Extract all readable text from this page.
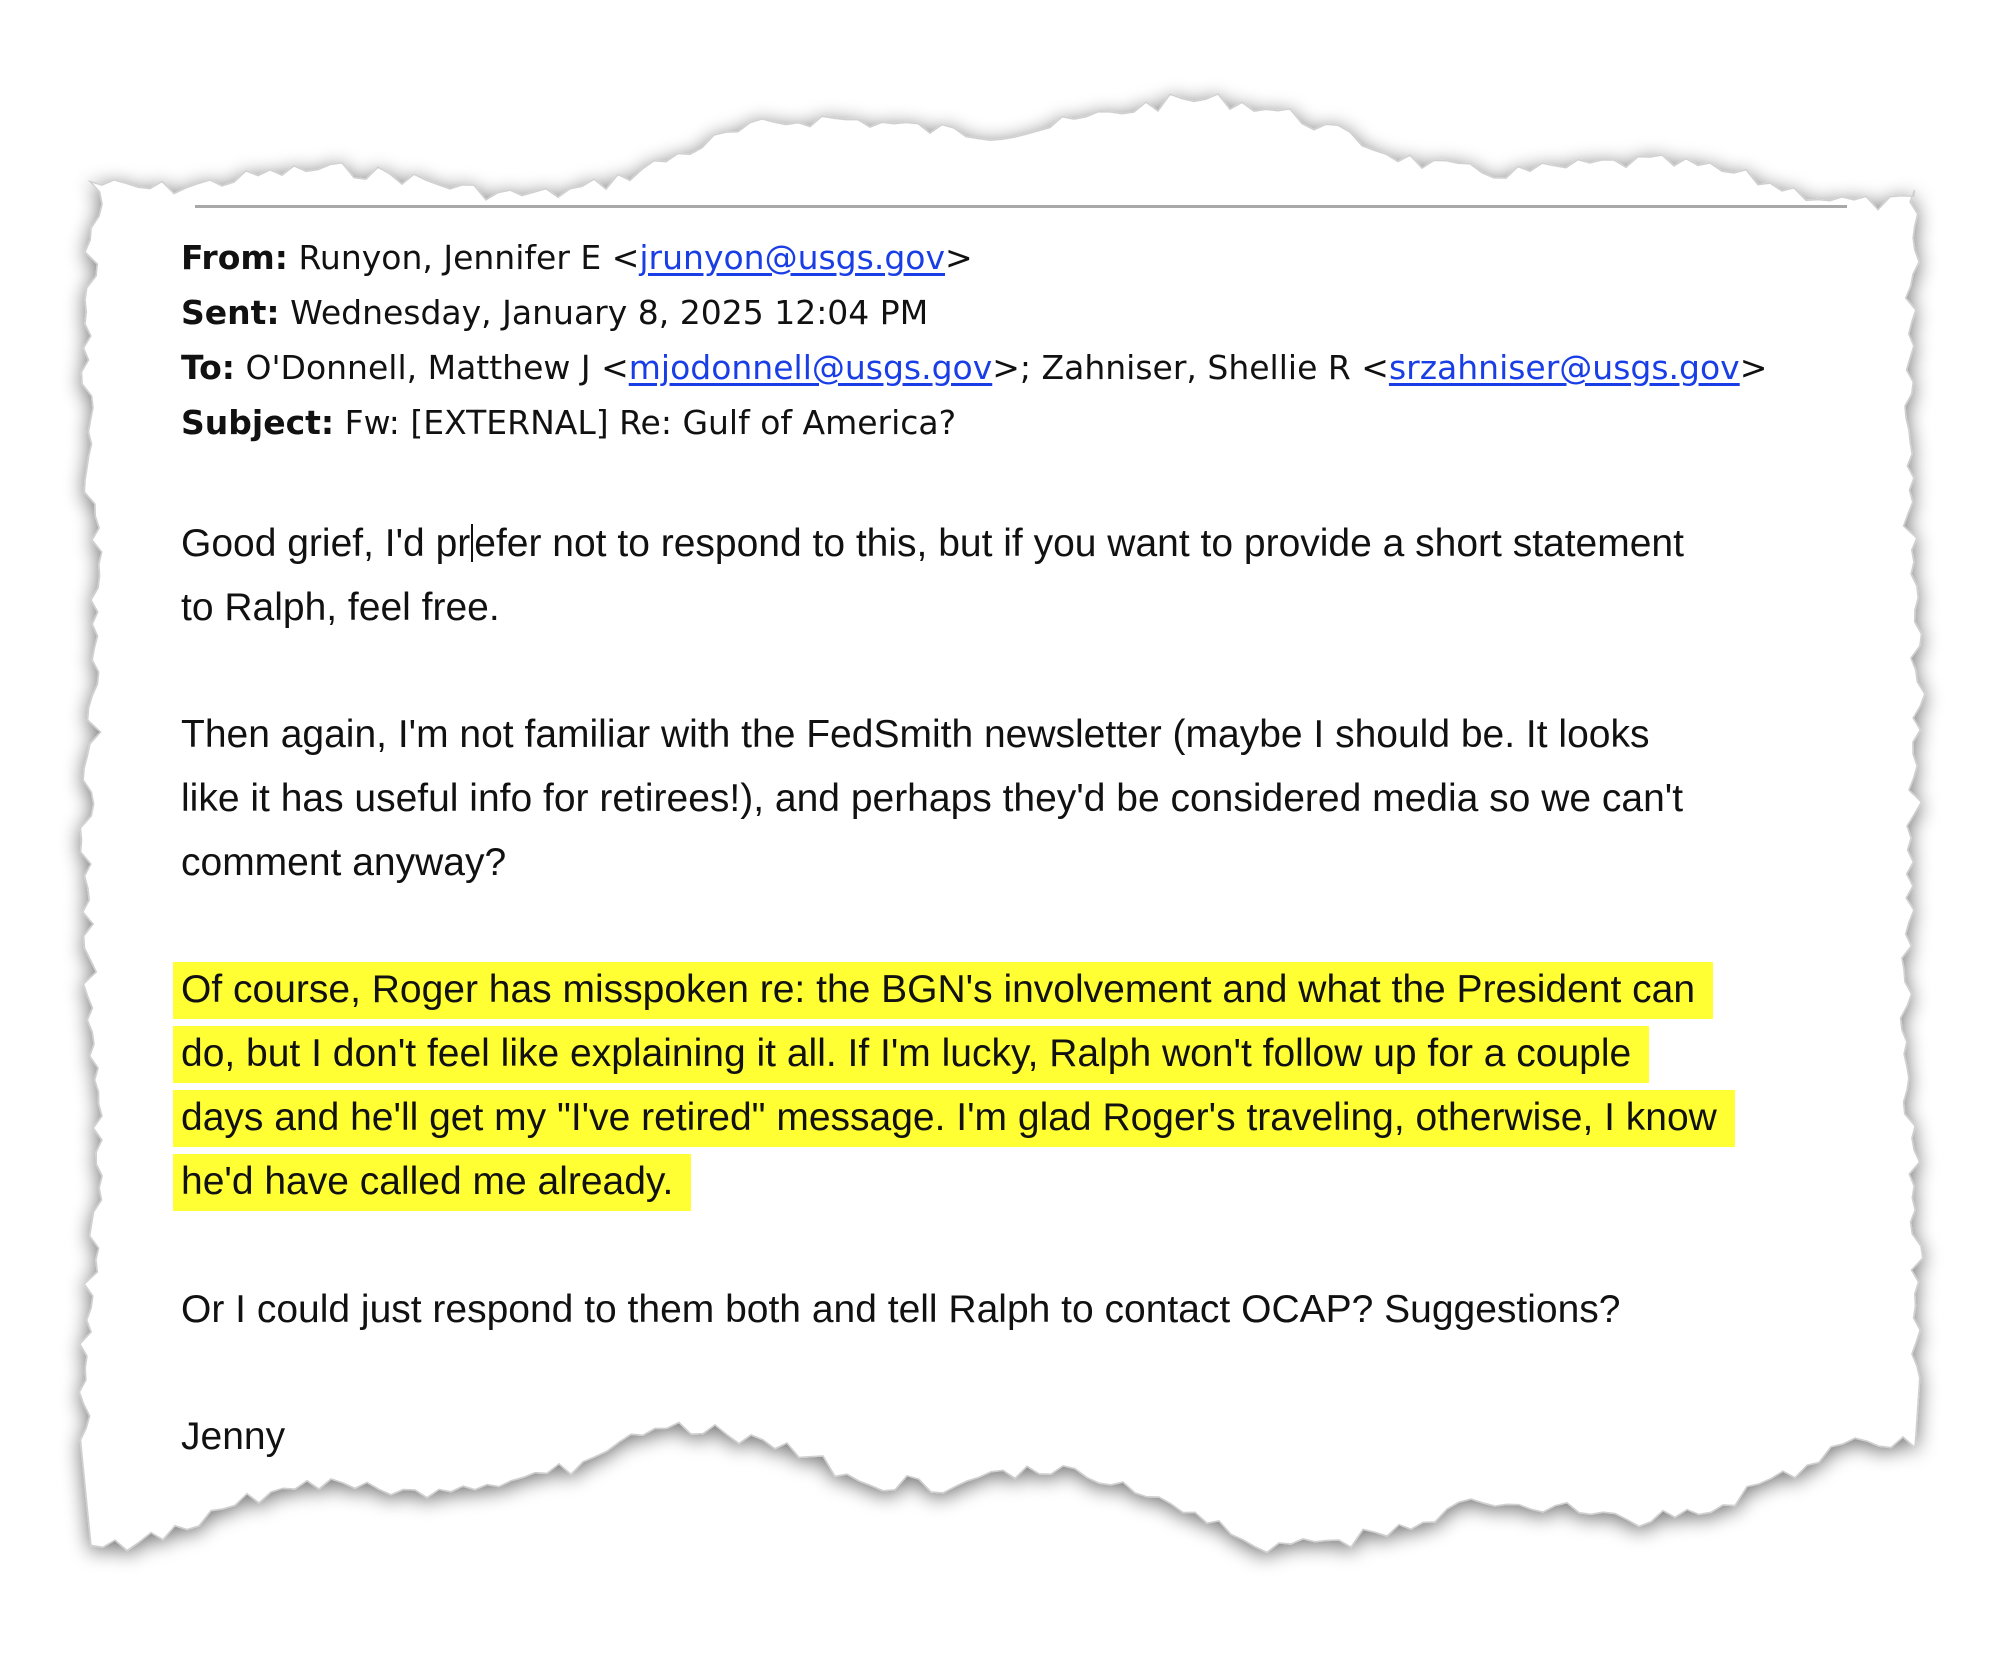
From: Runyon, Jennifer E <jrunyon@usgs.gov>
Sent: Wednesday, January 8, 2025 12:04 PM
To: O'Donnell, Matthew J <mjodonnell@usgs.gov>; Zahniser, Shellie R <srzahniser@usgs.gov>
Subject: Fw: [EXTERNAL] Re: Gulf of America?
Good grief, I'd pr efer not to respond to this, but if you want to provide a short statement
to Ralph, feel free.
Then again, I'm not familiar with the FedSmith newsletter (maybe I should be. It looks
like it has useful info for retirees!), and perhaps they'd be considered media so we can't
comment anyway?
Of course, Roger has misspoken re: the BGN's involvement and what the President can
do, but I don't feel like explaining it all. If I'm lucky, Ralph won't follow up for a couple
days and he'll get my "I've retired" message. I'm glad Roger's traveling, otherwise, I know
he'd have called me already.
Or I could just respond to them both and tell Ralph to contact OCAP? Suggestions?
Jenny
